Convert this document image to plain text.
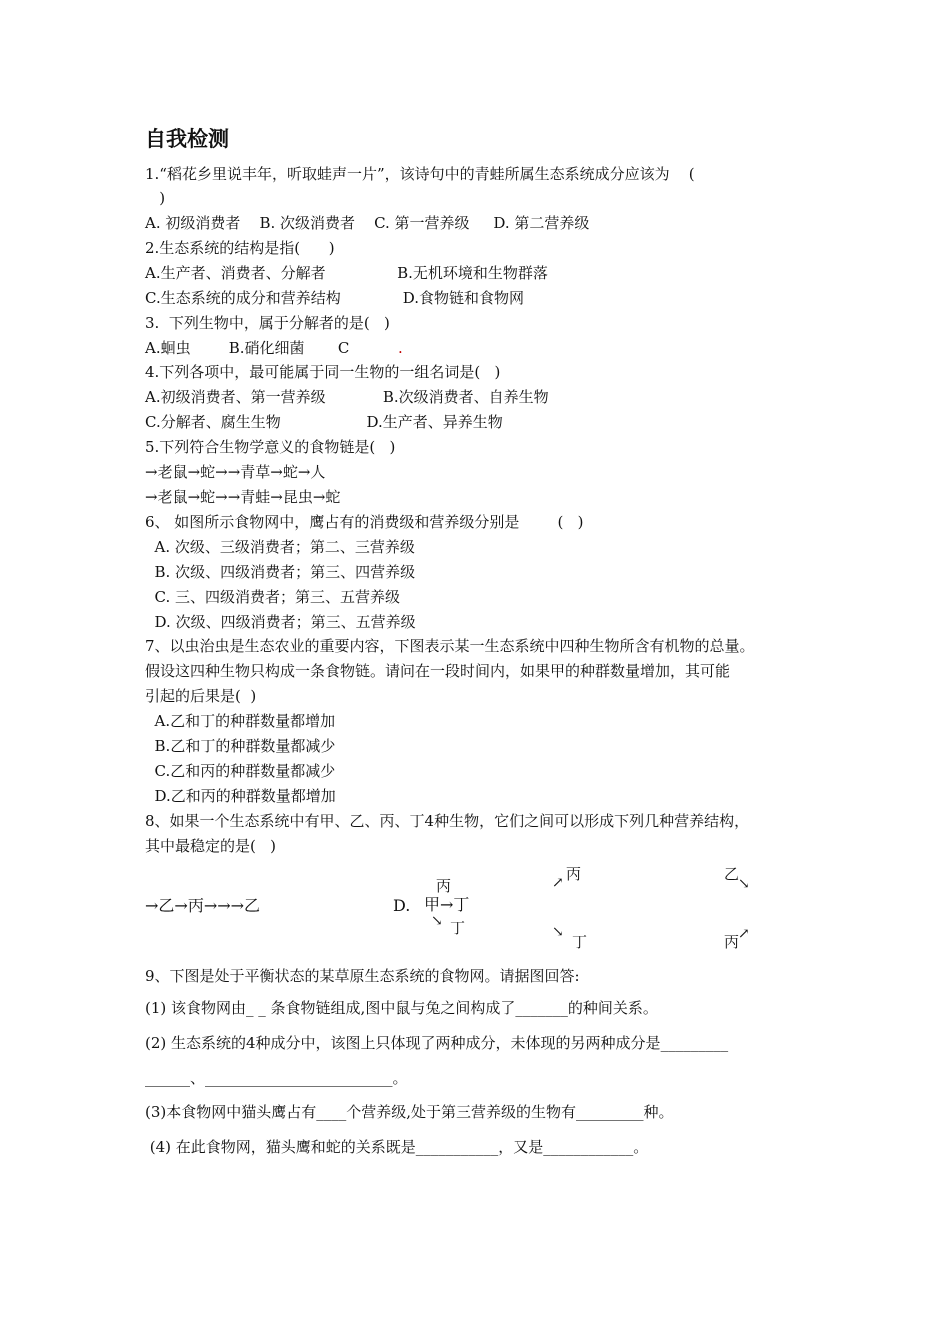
自我检测
1.“稻花乡里说丰年，听取蛙声一片”，该诗句中的青蛙所属生态系统成分应该为    (
)
A. 初级消费者    B. 次级消费者    C. 第一营养级     D. 第二营养级
2.生态系统的结构是指(      )
A.生产者、消费者、分解者               B.无机环境和生物群落
C.生态系统的成分和营养结构             D.食物链和食物网
3.  下列生物中，属于分解者的是(   )
A.蛔虫        B.硝化细菌       C	.
4.下列各项中，最可能属于同一生物的一组名词是(   )
A.初级消费者、第一营养级            B.次级消费者、自养生物
C.分解者、腐生生物                  D.生产者、异养生物
5.下列符合生物学意义的食物链是(   )
→老鼠→蛇→→青草→蛇→人
→老鼠→蛇→→青蛙→昆虫→蛇
6、 如图所示食物网中，鹰占有的消费级和营养级分别是        (   )
A. 次级、三级消费者；第二、三营养级
B. 次级、四级消费者；第三、四营养级
C. 三、四级消费者；第三、五营养级
D. 次级、四级消费者；第三、五营养级
7、以虫治虫是生态农业的重要内容，下图表示某一生态系统中四种生物所含有机物的总量。
假设这四种生物只构成一条食物链。请问在一段时间内，如果甲的种群数量增加，其可能
引起的后果是(  )
A.乙和丁的种群数量都增加
B.乙和丁的种群数量都减少
C.乙和丙的种群数量都减少
D.乙和丙的种群数量都增加
8、如果一个生态系统中有甲、乙、丙、丁4种生物，它们之间可以形成下列几种营养结构，
其中最稳定的是(   )
→乙→丙→→→乙	D.
丙
甲→丁
丁
↘
↗ 丙
↘
丁
乙
↘
丙
↗
9、下图是处于平衡状态的某草原生态系统的食物网。请据图回答:
(1) 该食物网由_ _ 条食物链组成,图中鼠与兔之间构成了_______的种间关系。
(2) 生态系统的4种成分中，该图上只体现了两种成分，未体现的另两种成分是_________
______、_________________________。
(3)本食物网中猫头鹰占有____个营养级,处于第三营养级的生物有_________种。
(4) 在此食物网，猫头鹰和蛇的关系既是___________，又是____________。
